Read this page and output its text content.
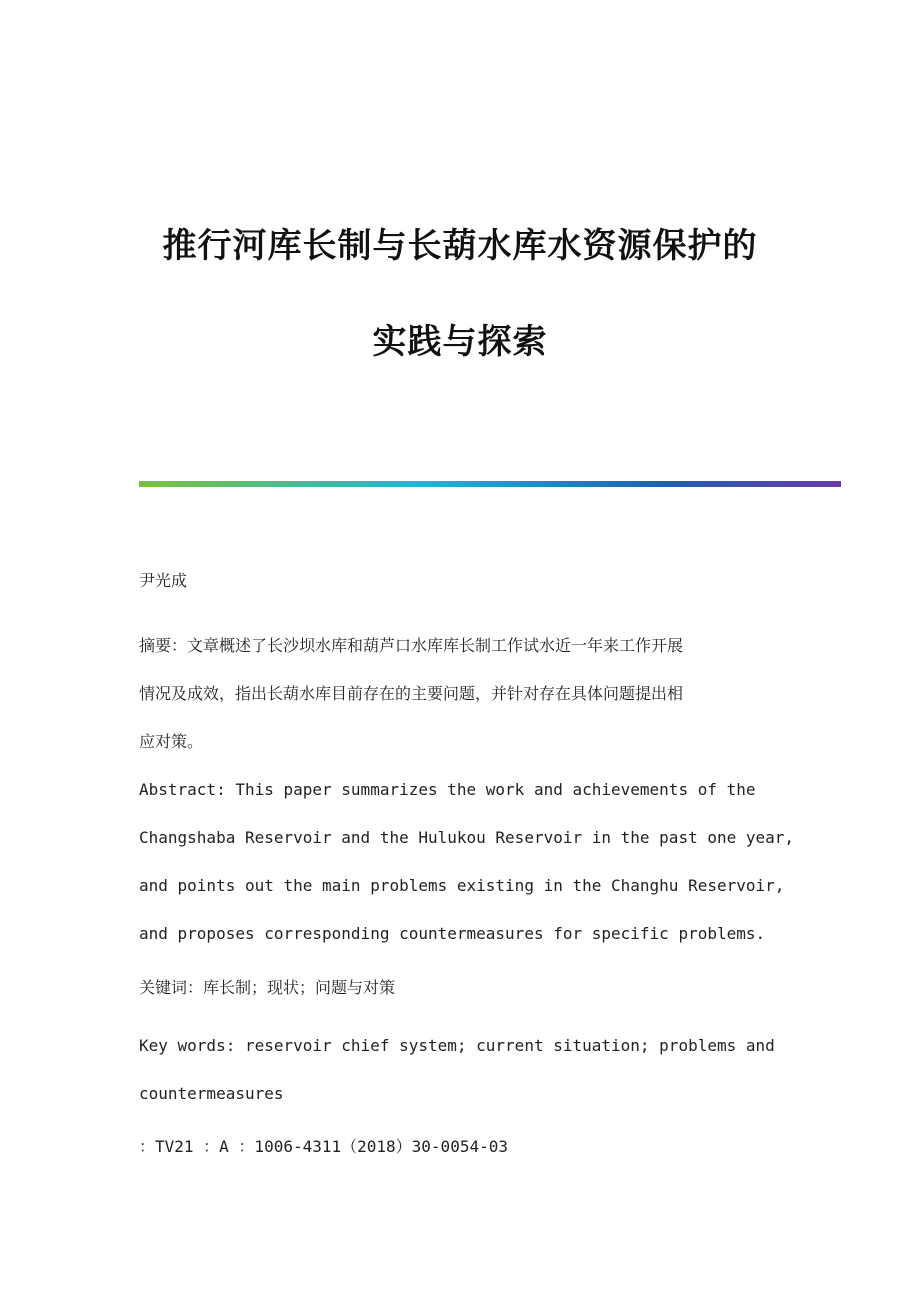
推行河库长制与长葫水库水资源保护的
实践与探索
尹光成
摘要：文章概述了长沙坝水库和葫芦口水库库长制工作试水近一年来工作开展
情况及成效，指出长葫水库目前存在的主要问题，并针对存在具体问题提出相
应对策。
Abstract: This paper summarizes the work and achievements of the
Changshaba Reservoir and the Hulukou Reservoir in the past one year,
and points out the main problems existing in the Changhu Reservoir,
and proposes corresponding countermeasures for specific problems.
关键词：库长制；现状；问题与对策
Key words: reservoir chief system; current situation; problems and
countermeasures
：TV21 ：A ：1006-4311（2018）30-0054-03
